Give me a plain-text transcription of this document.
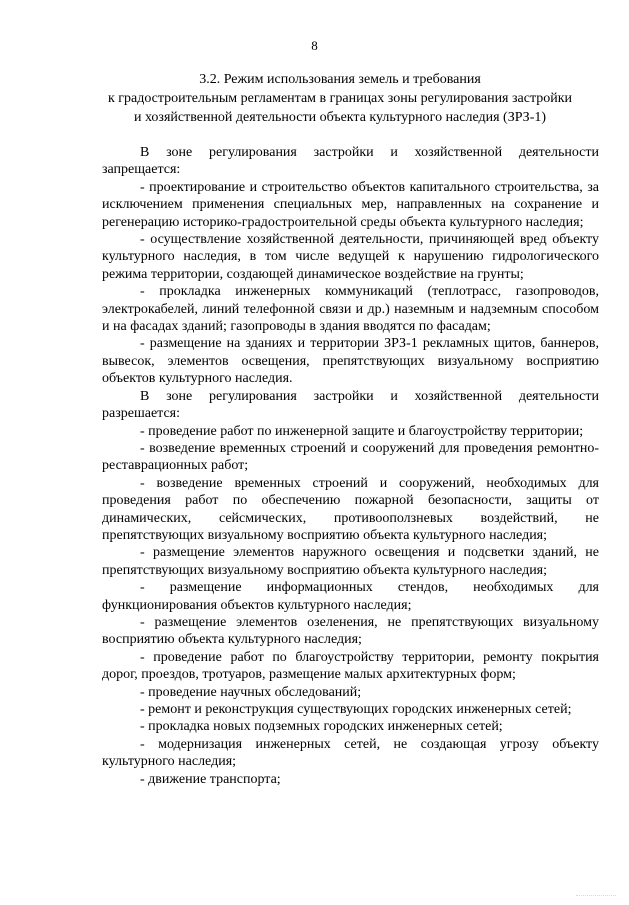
8
3.2. Режим использования земель и требования
к градостроительным регламентам в границах зоны регулирования застройки
и хозяйственной деятельности объекта культурного наследия (ЗРЗ-1)

В зоне регулирования застройки и хозяйственной деятельности запрещается:

- проектирование и строительство объектов капитального строительства, за исключением применения специальных мер, направленных на сохранение и регенерацию историко-градостроительной среды объекта культурного наследия;

- осуществление хозяйственной деятельности, причиняющей вред объекту культурного наследия, в том числе ведущей к нарушению гидрологического режима территории, создающей динамическое воздействие на грунты;

- прокладка инженерных коммуникаций (теплотрасс, газопроводов, электрокабелей, линий телефонной связи и др.) наземным и надземным способом и на фасадах зданий; газопроводы в здания вводятся по фасадам;

- размещение на зданиях и территории ЗРЗ-1 рекламных щитов, баннеров, вывесок, элементов освещения, препятствующих визуальному восприятию объектов культурного наследия.

В зоне регулирования застройки и хозяйственной деятельности разрешается:

- проведение работ по инженерной защите и благоустройству территории;

- возведение временных строений и сооружений для проведения ремонтно-реставрационных работ;

- возведение временных строений и сооружений, необходимых для проведения работ по обеспечению пожарной безопасности, защиты от динамических, сейсмических, противооползневых воздействий, не препятствующих визуальному восприятию объекта культурного наследия;

- размещение элементов наружного освещения и подсветки зданий, не препятствующих визуальному восприятию объекта культурного наследия;

- размещение информационных стендов, необходимых для функционирования объектов культурного наследия;

- размещение элементов озеленения, не препятствующих визуальному восприятию объекта культурного наследия;

- проведение работ по благоустройству территории, ремонту покрытия дорог, проездов, тротуаров, размещение малых архитектурных форм;

- проведение научных обследований;

- ремонт и реконструкция существующих городских инженерных сетей;

- прокладка новых подземных городских инженерных сетей;

- модернизация инженерных сетей, не создающая угрозу объекту культурного наследия;

- движение транспорта;
